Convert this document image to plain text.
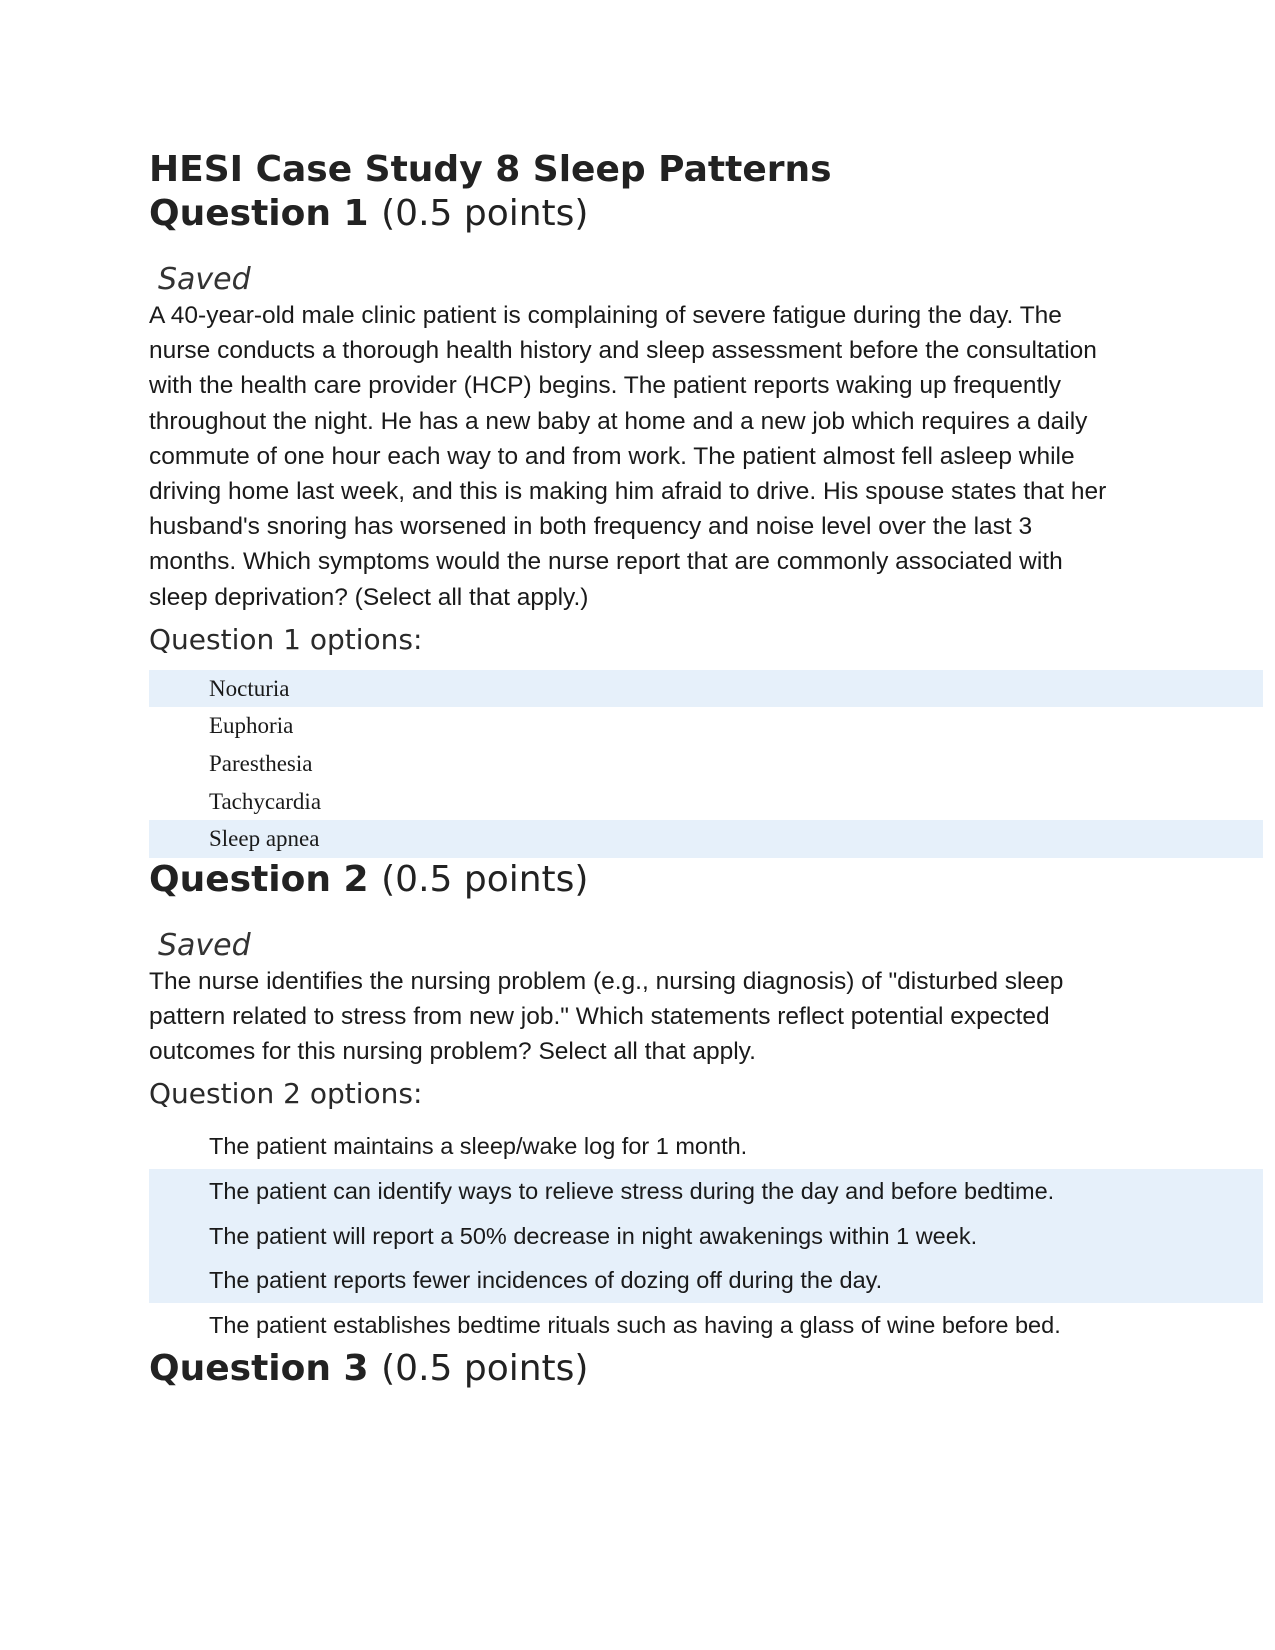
HESI Case Study 8 Sleep Patterns
Question 1 (0.5 points)

Saved

A 40-year-old male clinic patient is complaining of severe fatigue during the day. The nurse conducts a thorough health history and sleep assessment before the consultation with the health care provider (HCP) begins. The patient reports waking up frequently throughout the night. He has a new baby at home and a new job which requires a daily commute of one hour each way to and from work. The patient almost fell asleep while driving home last week, and this is making him afraid to drive. His spouse states that her husband's snoring has worsened in both frequency and noise level over the last 3 months. Which symptoms would the nurse report that are commonly associated with sleep deprivation? (Select all that apply.)

Question 1 options:

Nocturia
Euphoria
Paresthesia
Tachycardia
Sleep apnea
Question 2 (0.5 points)

Saved

The nurse identifies the nursing problem (e.g., nursing diagnosis) of "disturbed sleep pattern related to stress from new job." Which statements reflect potential expected outcomes for this nursing problem? Select all that apply.

Question 2 options:

The patient maintains a sleep/wake log for 1 month.
The patient can identify ways to relieve stress during the day and before bedtime.
The patient will report a 50% decrease in night awakenings within 1 week.
The patient reports fewer incidences of dozing off during the day.
The patient establishes bedtime rituals such as having a glass of wine before bed.
Question 3 (0.5 points)
